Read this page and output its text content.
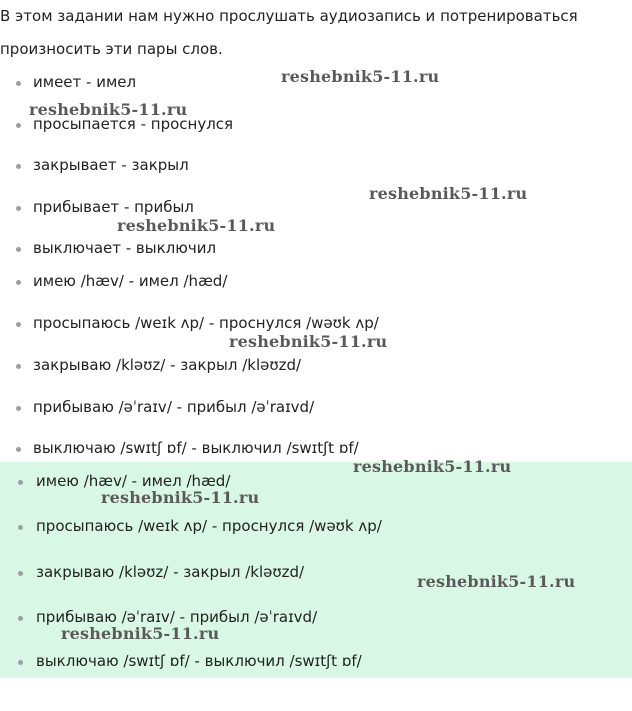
В этом задании нам нужно прослушать аудиозапись и потренироваться
произносить эти пары слов.
имеет - имел
просыпается - проснулся
закрывает - закрыл
прибывает - прибыл
выключает - выключил
имею /hæv/ - имел /hæd/
просыпаюсь /weɪk ʌp/ - проснулся /wəʊk ʌp/
закрываю /kləʊz/ - закрыл /kləʊzd/
прибываю /əˈraɪv/ - прибыл /əˈraɪvd/
выключаю /swɪtʃ ɒf/ - выключил /swɪtʃt ɒf/
имею /hæv/ - имел /hæd/
просыпаюсь /weɪk ʌp/ - проснулся /wəʊk ʌp/
закрываю /kləʊz/ - закрыл /kləʊzd/
прибываю /əˈraɪv/ - прибыл /əˈraɪvd/
выключаю /swɪtʃ ɒf/ - выключил /swɪtʃt ɒf/
reshebnik5-11.ru
reshebnik5-11.ru
reshebnik5-11.ru
reshebnik5-11.ru
reshebnik5-11.ru
reshebnik5-11.ru
reshebnik5-11.ru
reshebnik5-11.ru
reshebnik5-11.ru
